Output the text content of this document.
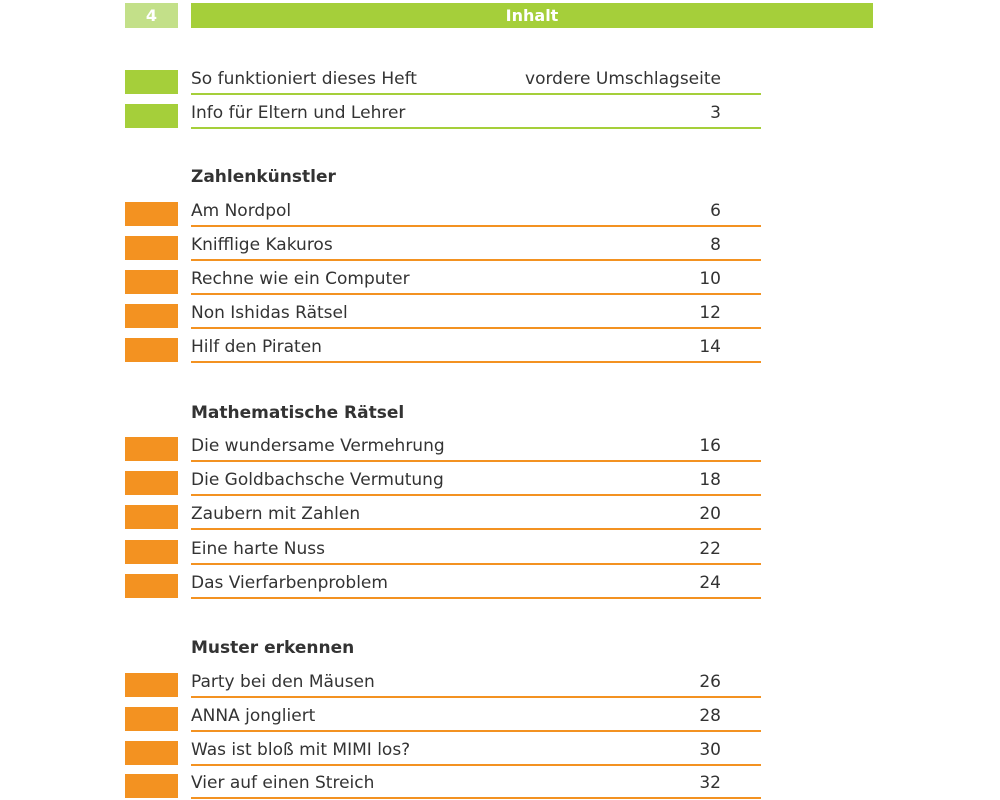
4	Inhalt
So funktioniert dieses Heft	vordere Umschlagseite
Info für Eltern und Lehrer	3
Zahlenkünstler
Am Nordpol	6
Knifflige Kakuros	8
Rechne wie ein Computer	10
Non Ishidas Rätsel	12
Hilf den Piraten	14
Mathematische Rätsel
Die wundersame Vermehrung	16
Die Goldbachsche Vermutung	18
Zaubern mit Zahlen	20
Eine harte Nuss	22
Das Vierfarbenproblem	24
Muster erkennen
Party bei den Mäusen	26
ANNA jongliert	28
Was ist bloß mit MIMI los?	30
Vier auf einen Streich	32
